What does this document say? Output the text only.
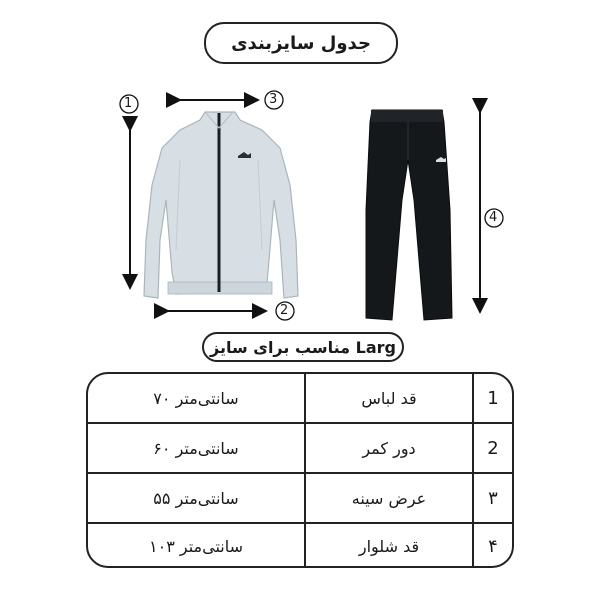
جدول سایزبندی
1	3
2
4
مناسب برای سایز Larg
۷۰ سانتی‌متر	قد لباس	1
۶۰ سانتی‌متر	دور کمر	2
۵۵ سانتی‌متر	عرض سینه	۳
۱۰۳ سانتی‌متر	قد شلوار	۴
